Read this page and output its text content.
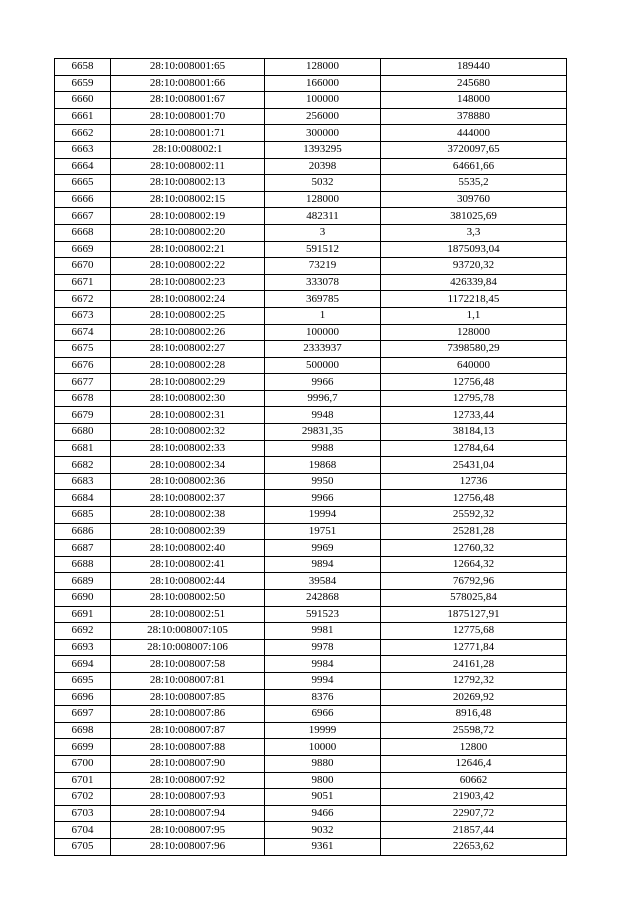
6658	28:10:008001:65	128000	189440
6659	28:10:008001:66	166000	245680
6660	28:10:008001:67	100000	148000
6661	28:10:008001:70	256000	378880
6662	28:10:008001:71	300000	444000
6663	28:10:008002:1	1393295	3720097,65
6664	28:10:008002:11	20398	64661,66
6665	28:10:008002:13	5032	5535,2
6666	28:10:008002:15	128000	309760
6667	28:10:008002:19	482311	381025,69
6668	28:10:008002:20	3	3,3
6669	28:10:008002:21	591512	1875093,04
6670	28:10:008002:22	73219	93720,32
6671	28:10:008002:23	333078	426339,84
6672	28:10:008002:24	369785	1172218,45
6673	28:10:008002:25	1	1,1
6674	28:10:008002:26	100000	128000
6675	28:10:008002:27	2333937	7398580,29
6676	28:10:008002:28	500000	640000
6677	28:10:008002:29	9966	12756,48
6678	28:10:008002:30	9996,7	12795,78
6679	28:10:008002:31	9948	12733,44
6680	28:10:008002:32	29831,35	38184,13
6681	28:10:008002:33	9988	12784,64
6682	28:10:008002:34	19868	25431,04
6683	28:10:008002:36	9950	12736
6684	28:10:008002:37	9966	12756,48
6685	28:10:008002:38	19994	25592,32
6686	28:10:008002:39	19751	25281,28
6687	28:10:008002:40	9969	12760,32
6688	28:10:008002:41	9894	12664,32
6689	28:10:008002:44	39584	76792,96
6690	28:10:008002:50	242868	578025,84
6691	28:10:008002:51	591523	1875127,91
6692	28:10:008007:105	9981	12775,68
6693	28:10:008007:106	9978	12771,84
6694	28:10:008007:58	9984	24161,28
6695	28:10:008007:81	9994	12792,32
6696	28:10:008007:85	8376	20269,92
6697	28:10:008007:86	6966	8916,48
6698	28:10:008007:87	19999	25598,72
6699	28:10:008007:88	10000	12800
6700	28:10:008007:90	9880	12646,4
6701	28:10:008007:92	9800	60662
6702	28:10:008007:93	9051	21903,42
6703	28:10:008007:94	9466	22907,72
6704	28:10:008007:95	9032	21857,44
6705	28:10:008007:96	9361	22653,62
